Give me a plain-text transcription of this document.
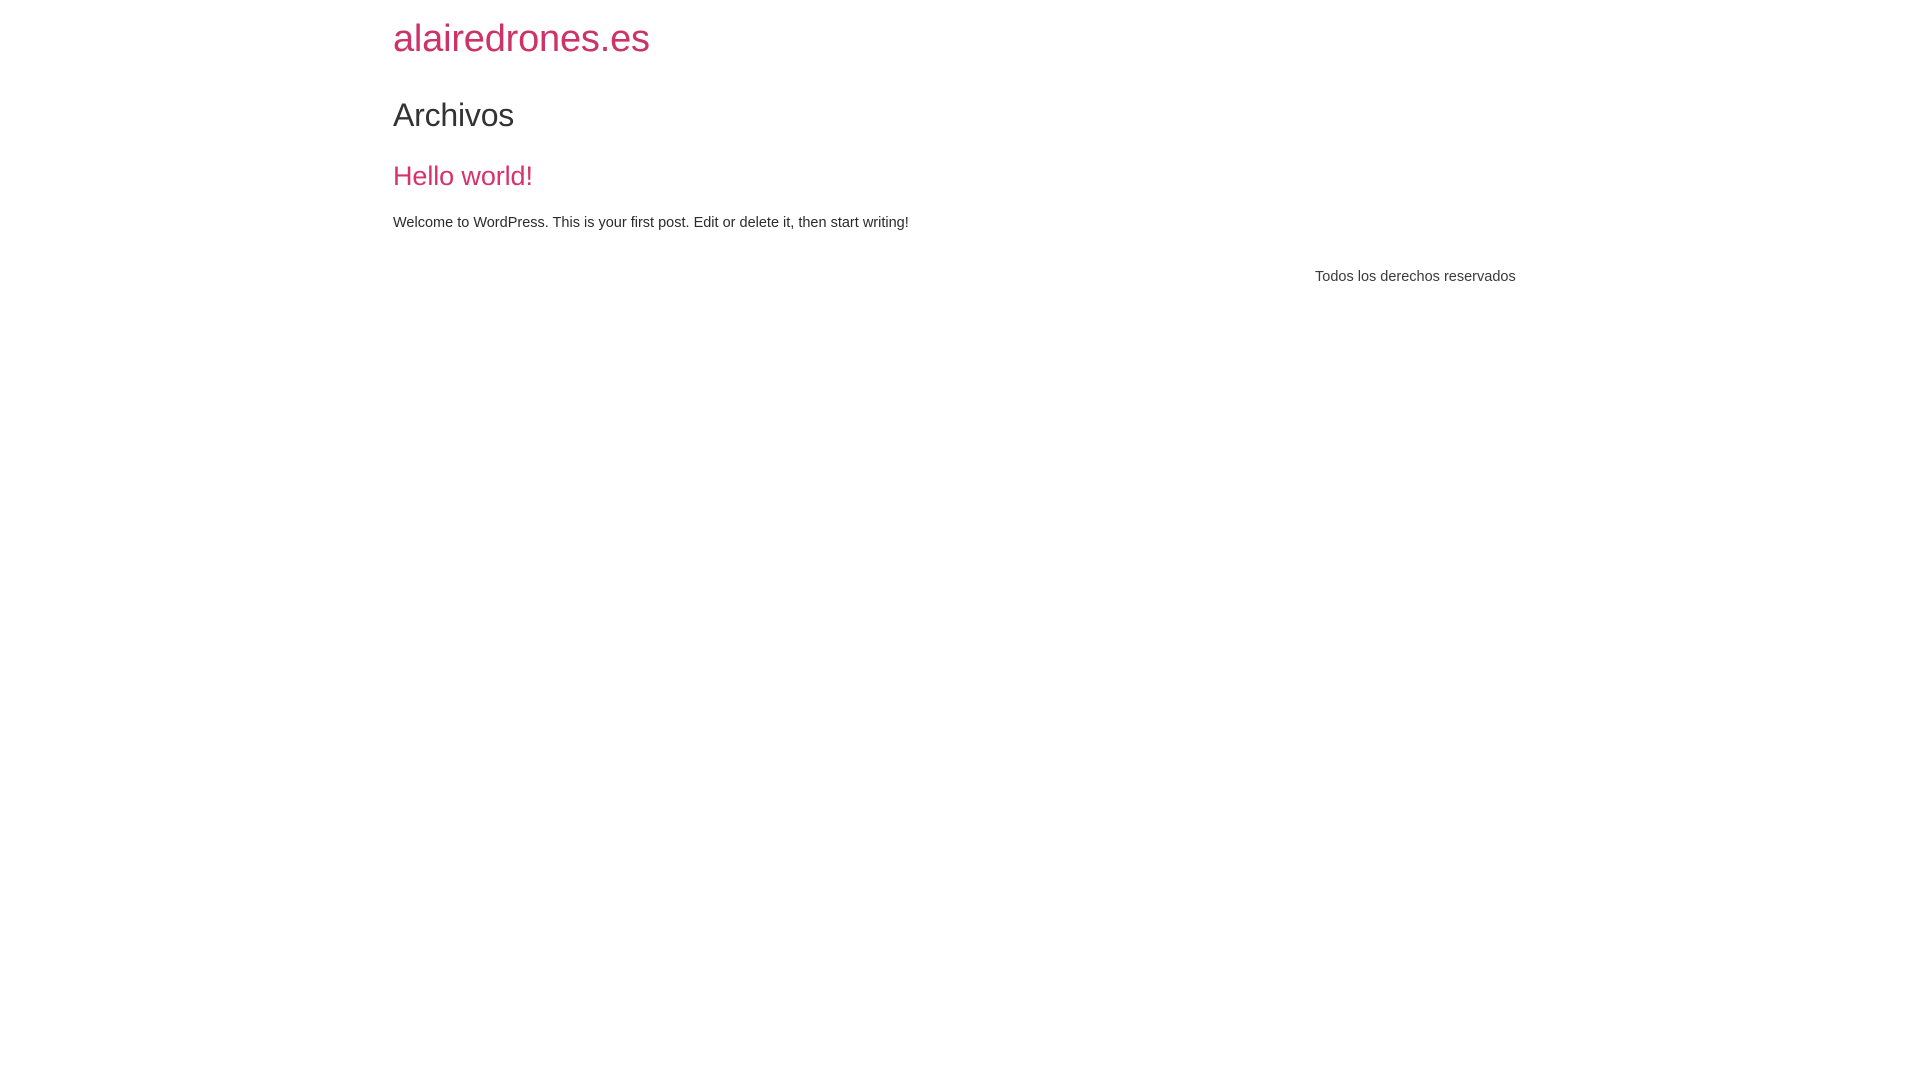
alairedrones.es
Archivos
Hello world!

Welcome to WordPress. This is your first post. Edit or delete it, then start writing!

Todos los derechos reservados
